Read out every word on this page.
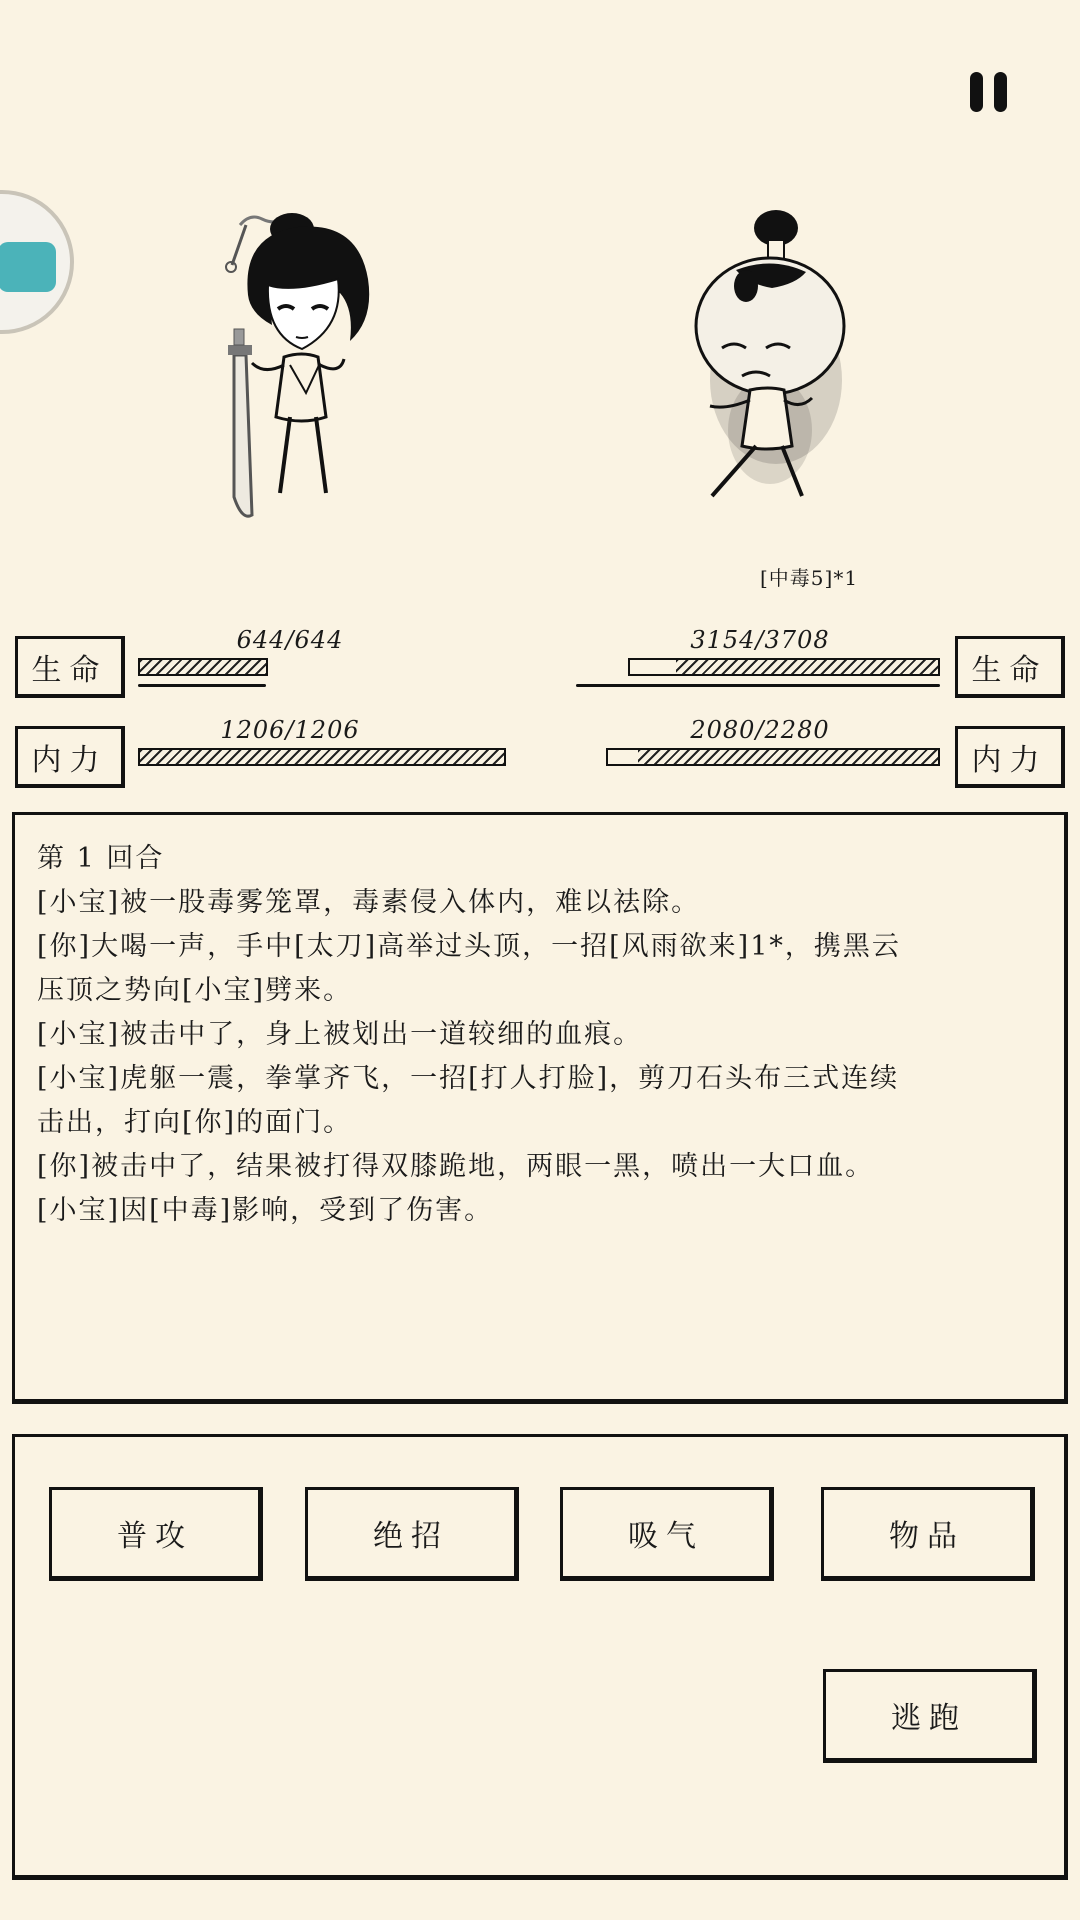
[中毒5]*1
生命
644/644
内力
1206/1206
生命
3154/3708
内力
2080/2280
第 1 回合
[小宝]被一股毒雾笼罩，毒素侵入体内，难以祛除。
[你]大喝一声，手中[太刀]高举过头顶，一招[风雨欲来]1*，携黑云
压顶之势向[小宝]劈来。
[小宝]被击中了，身上被划出一道较细的血痕。
[小宝]虎躯一震，拳掌齐飞，一招[打人打脸]，剪刀石头布三式连续
击出，打向[你]的面门。
[你]被击中了，结果被打得双膝跪地，两眼一黑，喷出一大口血。
[小宝]因[中毒]影响，受到了伤害。
普攻	绝招	吸气	物品
逃跑
